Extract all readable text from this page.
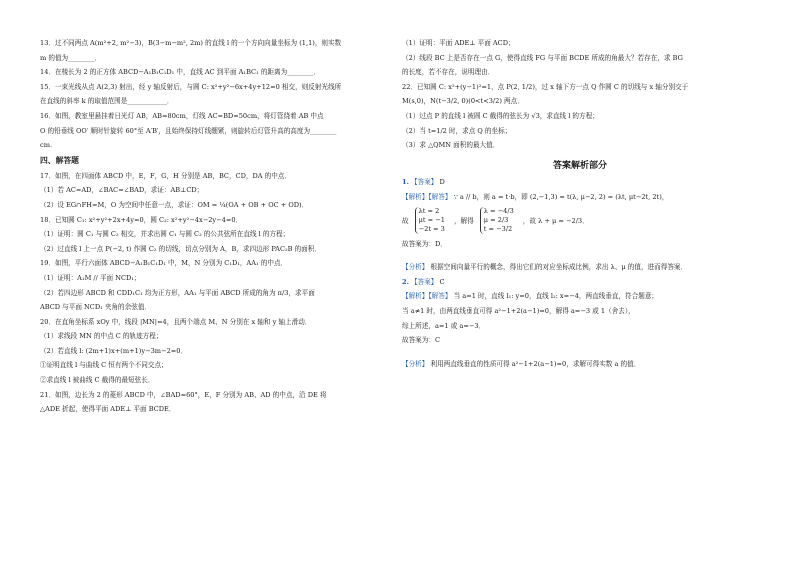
13．过不同两点 A(m²+2, m²−3)，B(3−m−m², 2m) 的直线 l 的一个方向向量坐标为 (1,1)，则实数

m 的值为________．

14．在棱长为 2 的正方体 ABCD−A₁B₁C₁D₁ 中，直线 AC 到平面 A₁BC₁ 的距离为________．

15．一束光线从点 A(2,3) 射出，经 y 轴反射后，与圆 C: x²+y²−6x+4y+12=0 相交，则反射光线所

在直线的斜率 k 的取值范围是____________．

16．如图，教室里悬挂着日光灯 AB，AB=80cm，灯线 AC=BD=50cm，将灯管绕着 AB 中点

O 的铅垂线 OO′ 顺时针旋转 60°至 A′B′，且始终保持灯线绷紧，则旋转后灯管升高的高度为________

cm．

四、解答题

17．如图，在四面体 ABCD 中，E，F，G，H 分别是 AB，BC，CD，DA 的中点．

（1）若 AC=AD，∠BAC=∠BAD，求证：AB⊥CD；

（2）设 EG∩FH=M，O 为空间中任意一点，求证：OM = ¼(OA + OB + OC + OD)．

18．已知圆 C₁: x²+y²+2x+4y=0，圆 C₂: x²+y²−4x−2y−4=0．

（1）证明：圆 C₁ 与圆 C₂ 相交，并求出圆 C₁ 与圆 C₂ 的公共弦所在直线 l 的方程；

（2）过直线 l 上一点 P(−2, t) 作圆 C₂ 的切线，切点分别为 A，B，求四边形 PAC₂B 的面积．

19．如图，平行六面体 ABCD−A₁B₁C₁D₁ 中，M，N 分别为 C₁D₁，AA₁ 的中点．

（1）证明：A₁M // 平面 NCD₁；

（2）若四边形 ABCD 和 CDD₁C₁ 均为正方形，AA₁ 与平面 ABCD 所成的角为 π/3，求平面

ABCD 与平面 NCD₁ 夹角的余弦值．

20．在直角坐标系 xOy 中，线段 |MN|=4，且两个端点 M、N 分别在 x 轴和 y 轴上滑动．

（1）求线段 MN 的中点 C 的轨迹方程；

（2）若直线 l: (2m+1)x+(m+1)y−3m−2=0．

①证明直线 l 与曲线 C 恒有两个不同交点；

②求直线 l 被曲线 C 截得的最短弦长．

21．如图，边长为 2 的菱形 ABCD 中，∠BAD=60°，E，F 分别为 AB、AD 的中点，沿 DE 将

△ADE 折起，使得平面 ADE⊥ 平面 BCDE．

（1）证明：平面 ADE⊥ 平面 ACD；

（2）线段 BC 上是否存在一点 G，使得直线 FG 与平面 BCDE 所成的角最大？若存在，求 BG

的长度，若不存在，说明理由．

22．已知圆 C: x²+(y−1)²=1，点 P(2, 1/2)，过 x 轴下方一点 Q 作圆 C 的切线与 x 轴分别交于

M(s,0)，N(t−3/2, 0)(0<t<3/2) 两点．

（1）过点 P 的直线 l 被圆 C 截得的弦长为 √3，求直线 l 的方程；

（2）当 t=1/2 时，求点 Q 的坐标；

（3）求 △QMN 面积的最大值．

答案解析部分

1. 【答案】 D

【解析】【解答】 ∵ a // b，则 a = t·b，即 (2,−1,3) = t(λ, μ−2, 2) = (λt, μt−2t, 2t)，

故
λt = 2
μt = −1
−2t = 3
，解得
λ = −4/3
μ = 2/3
t = −3/2
，故 λ + μ = −2/3．

故答案为：D．

【分析】 根据空间向量平行的概念，得出它们的对应坐标成比例，求出 λ、μ 的值，进而得答案．

2. 【答案】 C

【解析】【解答】 当 a=1 时，直线 l₁: y=0，直线 l₂: x=−4，两直线垂直，符合题意；

当 a≠1 时，由两直线垂直可得 a²−1+2(a−1)=0，解得 a=−3 或 1（舍去），

综上所述，a=1 或 a=−3．

故答案为：C

【分析】 利用两直线垂直的性质可得 a²−1+2(a−1)=0，求解可得实数 a 的值．
